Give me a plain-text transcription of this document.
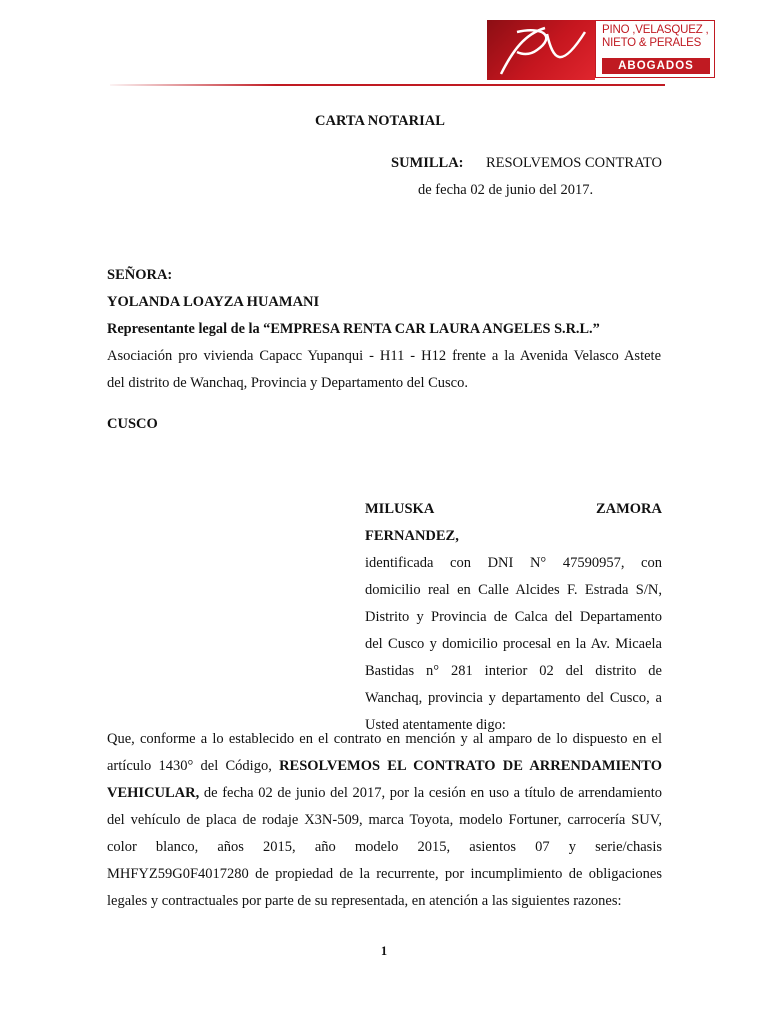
PV	PINO ,VELASQUEZ ,
NIETO & PERALES
ABOGADOS
CARTA NOTARIAL
SUMILLA: RESOLVEMOS CONTRATO
de fecha 02 de junio del 2017.
SEÑORA:
YOLANDA LOAYZA HUAMANI
Representante legal de la “EMPRESA RENTA CAR LAURA ANGELES S.R.L.”
Asociación pro vivienda Capacc Yupanqui - H11 - H12 frente a la Avenida Velasco Astete
del distrito de Wanchaq, Provincia y Departamento del Cusco.
CUSCO
MILUSKA ZAMORA FERNANDEZ,
identificada con DNI N° 47590957, con
domicilio real en Calle Alcides F. Estrada S/N,
Distrito y Provincia de Calca del Departamento
del Cusco y domicilio procesal en la Av. Micaela
Bastidas n° 281 interior 02 del distrito de
Wanchaq, provincia y departamento del Cusco, a
Usted atentamente digo:
Que, conforme a lo establecido en el contrato en mención y al amparo de lo dispuesto en el
artículo 1430° del Código, RESOLVEMOS EL CONTRATO DE ARRENDAMIENTO
VEHICULAR, de fecha 02 de junio del 2017, por la cesión en uso a título de arrendamiento
del vehículo de placa de rodaje X3N-509, marca Toyota, modelo Fortuner, carrocería SUV,
color blanco, años 2015, año modelo 2015, asientos 07 y serie/chasis
MHFYZ59G0F4017280 de propiedad de la recurrente, por incumplimiento de obligaciones
legales y contractuales por parte de su representada, en atención a las siguientes razones:
1
